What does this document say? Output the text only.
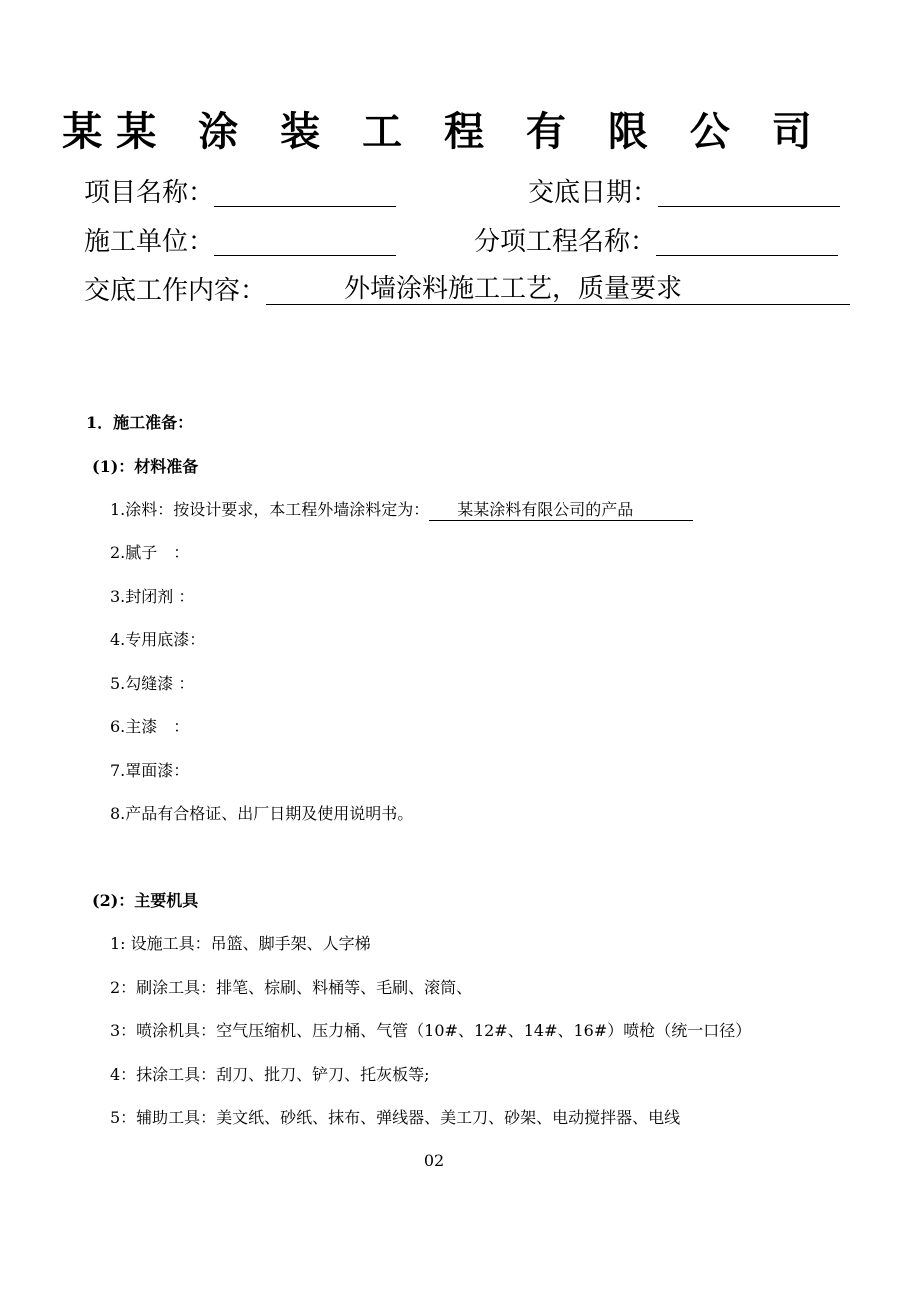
某某 涂 装 工 程 有 限 公 司
项目名称：	交底日期：
施工单位：	分项工程名称：
交底工作内容：	外墙涂料施工工艺，质量要求
1．施工准备：
(1)：材料准备
1.涂料：按设计要求，本工程外墙涂料定为： 某某涂料有限公司的产品
2.腻子　：
3.封闭剂 ：
4.专用底漆：
5.勾缝漆 ：
6.主漆　：
7.罩面漆：
8.产品有合格证、出厂日期及使用说明书。
(2)：主要机具
1: 设施工具：吊篮、脚手架、人字梯
2：刷涂工具：排笔、棕刷、料桶等、毛刷、滚筒、
3：喷涂机具：空气压缩机、压力桶、气管（10#、12#、14#、16#）喷枪（统一口径）
4：抹涂工具：刮刀、批刀、铲刀、托灰板等;
5：辅助工具：美文纸、砂纸、抹布、弹线器、美工刀、砂架、电动搅拌器、电线
02
